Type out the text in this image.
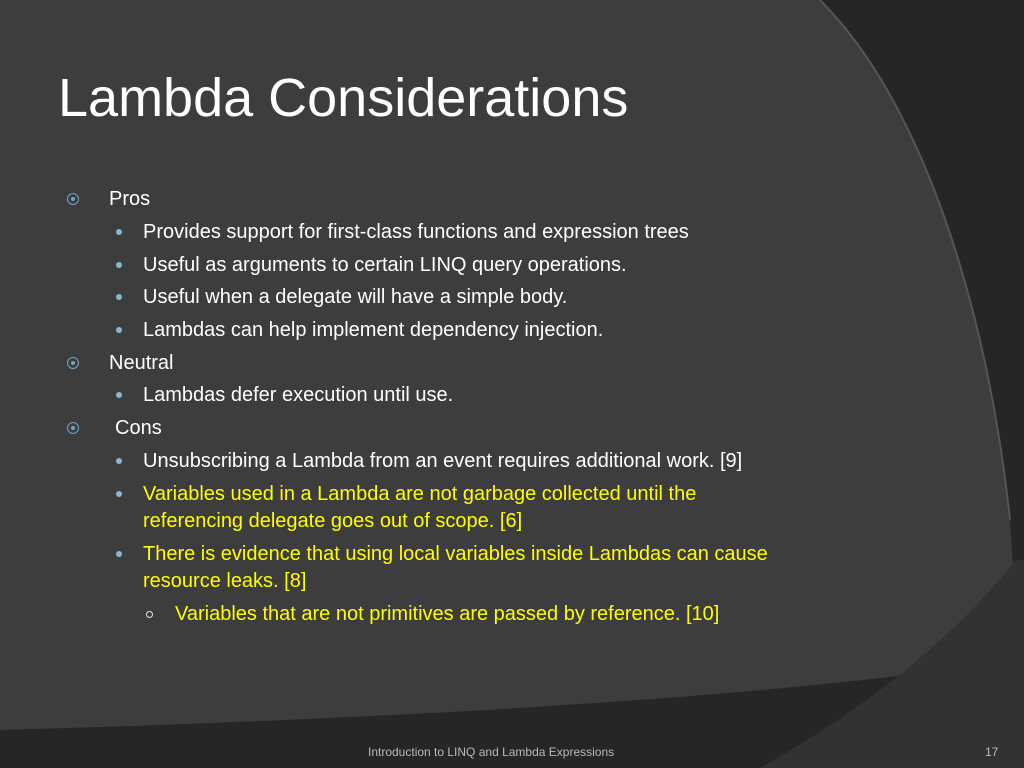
Lambda Considerations
Pros
Provides support for first-class functions and expression trees
Useful as arguments to certain LINQ query operations.
Useful when a delegate will have a simple body.
Lambdas can help implement dependency injection.
Neutral
Lambdas defer execution until use.
Cons
Unsubscribing a Lambda from an event requires additional work. [9]
Variables used in a Lambda are not garbage collected until the
referencing delegate goes out of scope. [6]
There is evidence that using local variables inside Lambdas can cause
resource leaks. [8]
Variables that are not primitives are passed by reference. [10]
Introduction to LINQ and Lambda Expressions	17
